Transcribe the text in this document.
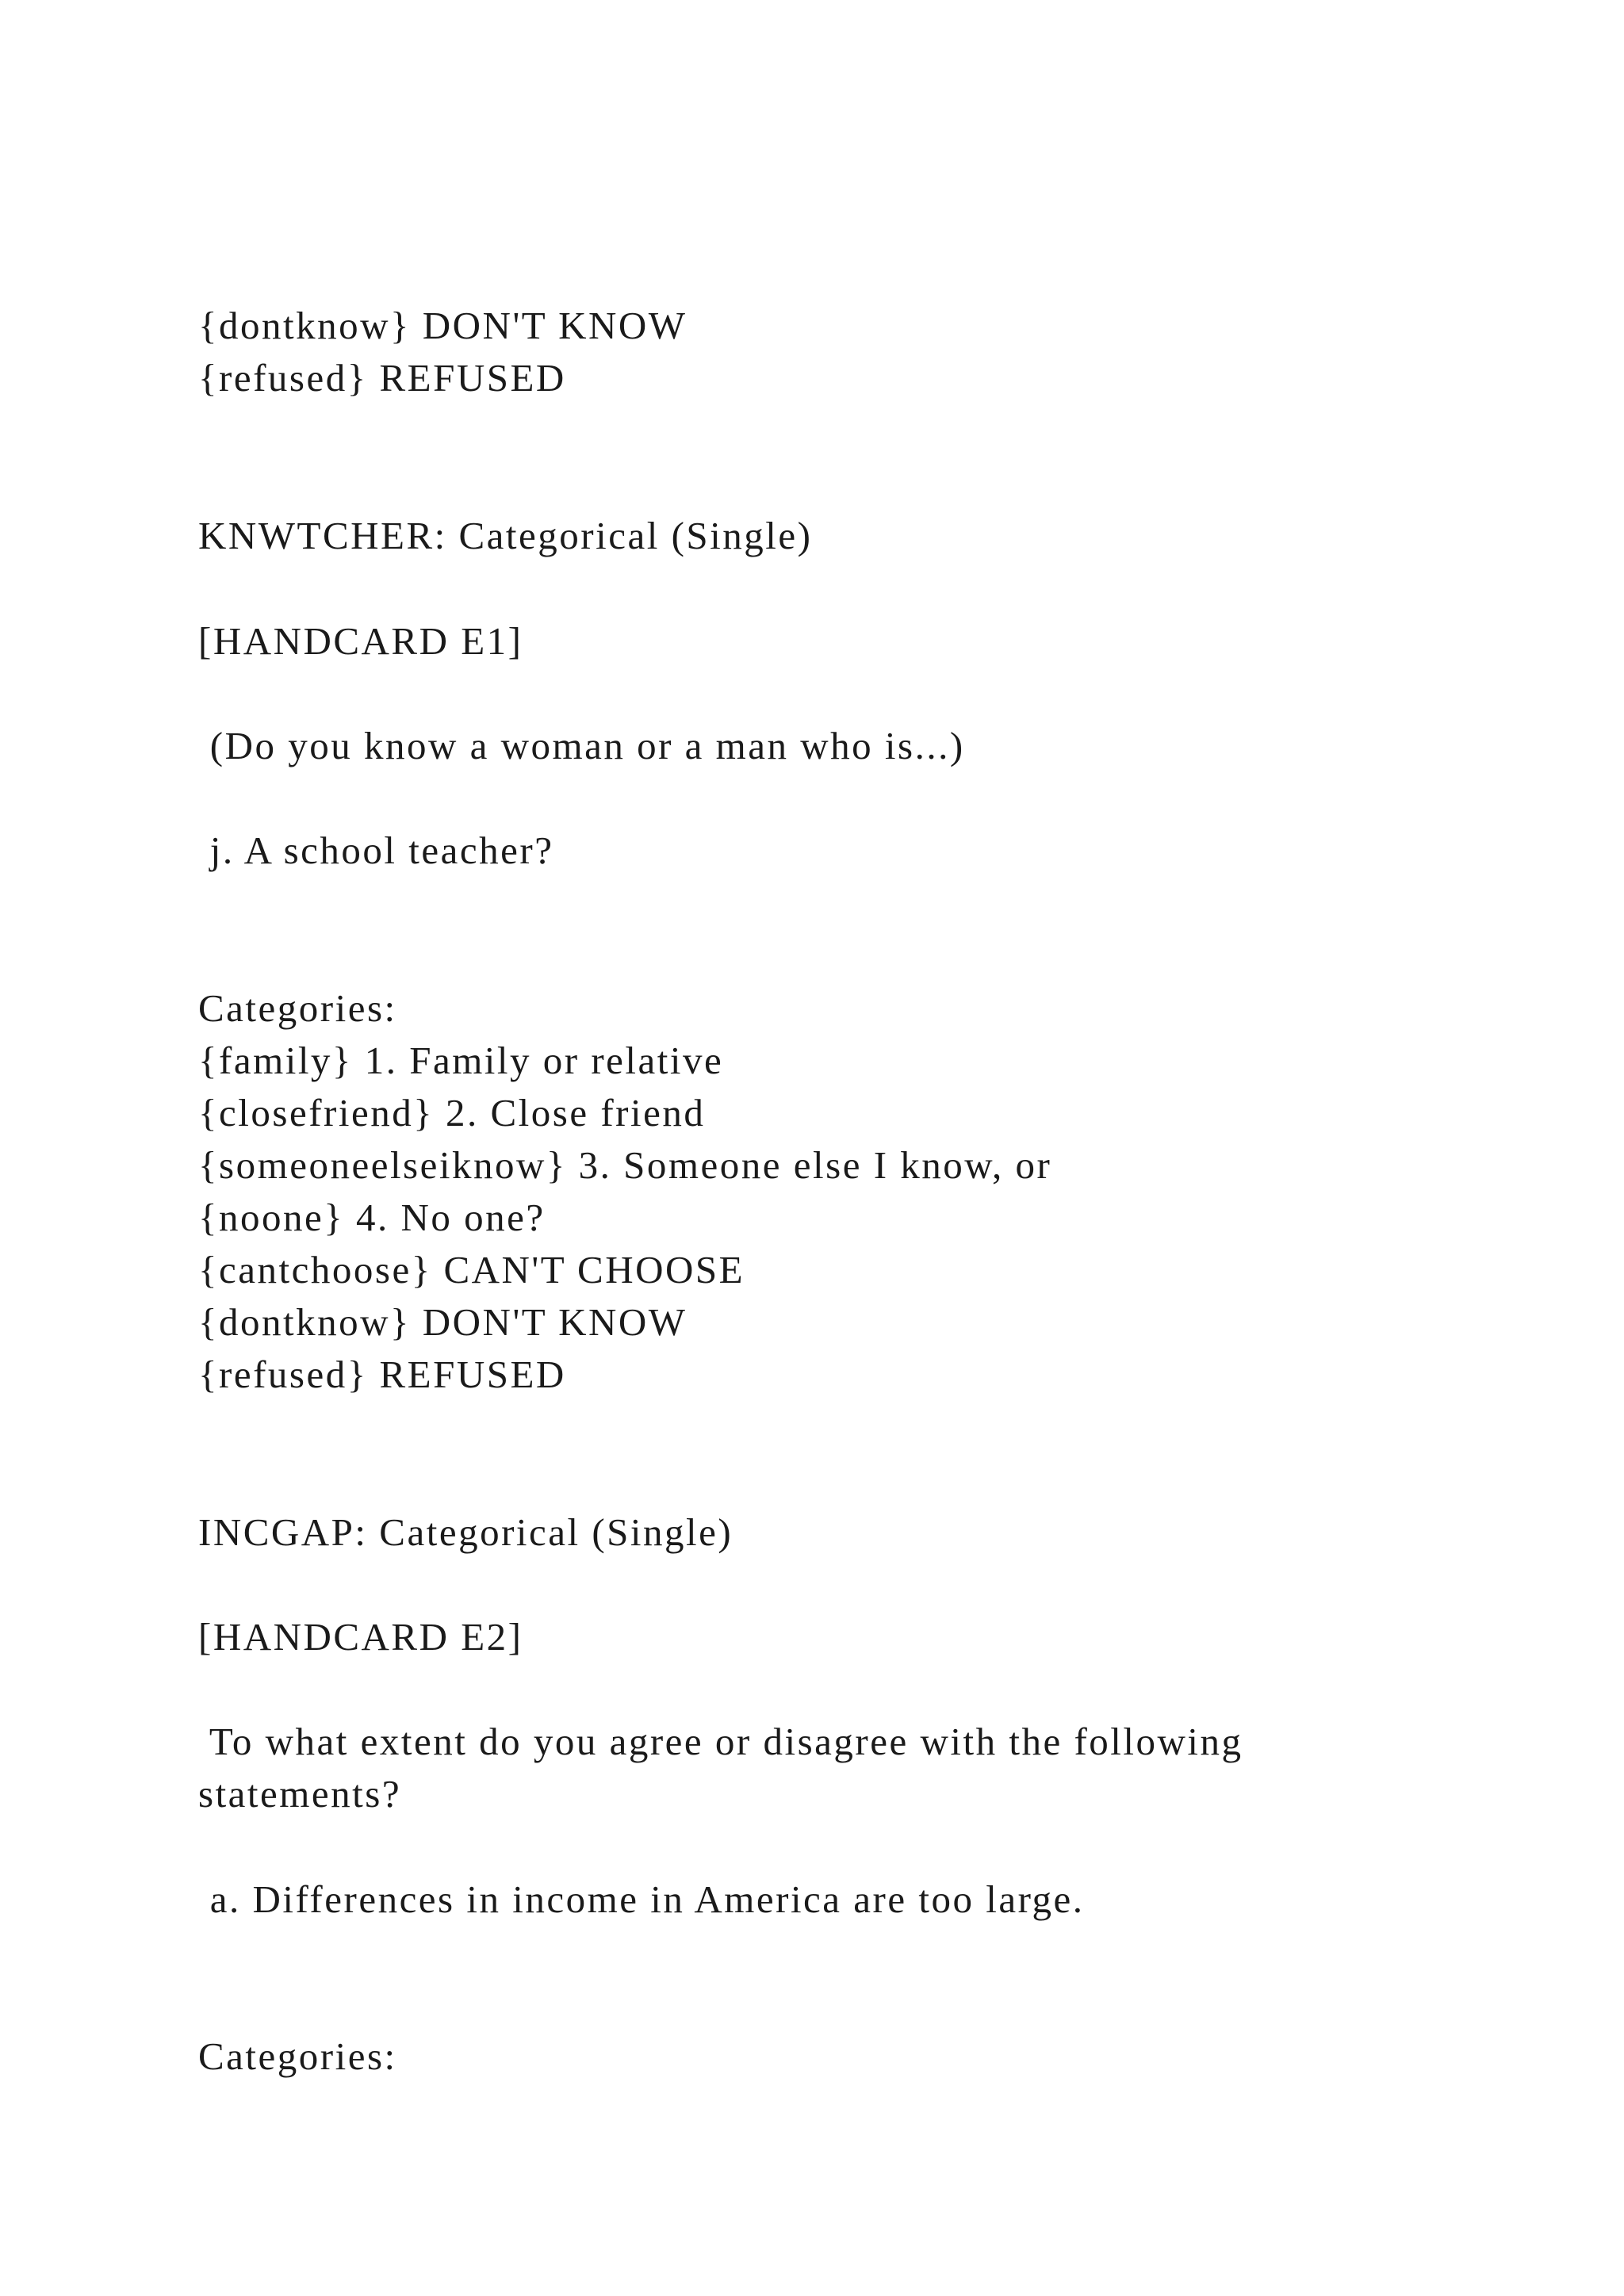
{dontknow} DON'T KNOW

{refused} REFUSED

KNWTCHER: Categorical (Single)

[HANDCARD E1]

(Do you know a woman or a man who is...)

j. A school teacher?

Categories:

{family} 1. Family or relative

{closefriend} 2. Close friend

{someoneelseiknow} 3. Someone else I know, or

{noone} 4. No one?

{cantchoose} CAN'T CHOOSE

{dontknow} DON'T KNOW

{refused} REFUSED

INCGAP: Categorical (Single)

[HANDCARD E2]

To what extent do you agree or disagree with the following

statements?

a. Differences in income in America are too large.

Categories:
